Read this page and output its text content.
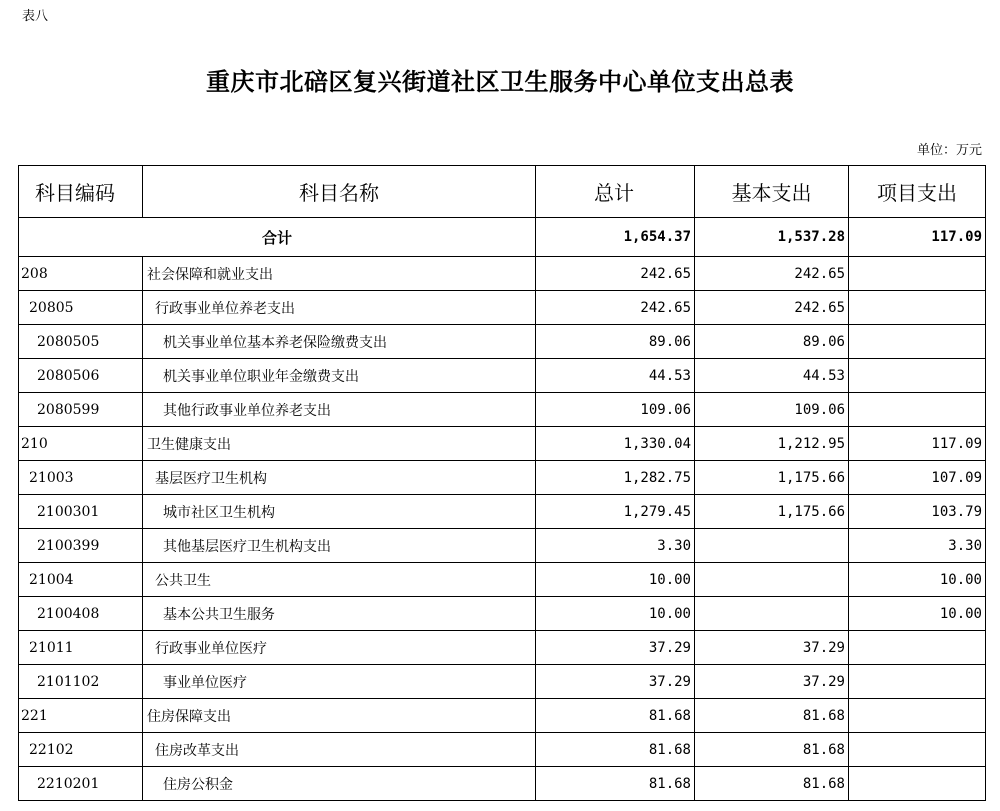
表八
重庆市北碚区复兴街道社区卫生服务中心单位支出总表
单位：万元
科目编码	科目名称	总计	基本支出	项目支出
合计		1,654.37	1,537.28	117.09
208	社会保障和就业支出	242.65	242.65	
20805	行政事业单位养老支出	242.65	242.65	
2080505	机关事业单位基本养老保险缴费支出	89.06	89.06	
2080506	机关事业单位职业年金缴费支出	44.53	44.53	
2080599	其他行政事业单位养老支出	109.06	109.06	
210	卫生健康支出	1,330.04	1,212.95	117.09
21003	基层医疗卫生机构	1,282.75	1,175.66	107.09
2100301	城市社区卫生机构	1,279.45	1,175.66	103.79
2100399	其他基层医疗卫生机构支出	3.30		3.30
21004	公共卫生	10.00		10.00
2100408	基本公共卫生服务	10.00		10.00
21011	行政事业单位医疗	37.29	37.29	
2101102	事业单位医疗	37.29	37.29	
221	住房保障支出	81.68	81.68	
22102	住房改革支出	81.68	81.68	
2210201	住房公积金	81.68	81.68	
